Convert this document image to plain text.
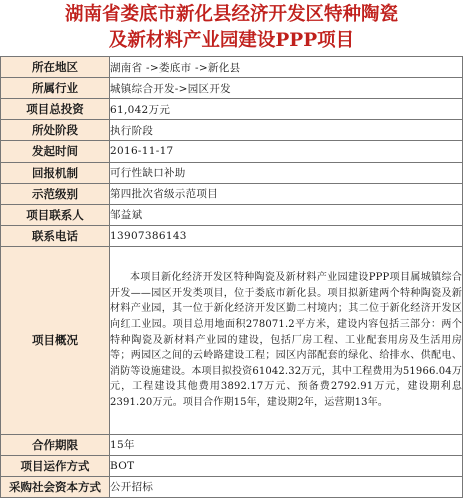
湖南省娄底市新化县经济开发区特种陶瓷
及新材料产业园建设PPP项目
所在地区	湖南省 ->娄底市 ->新化县
所属行业	城镇综合开发->园区开发
项目总投资	61,042万元
所处阶段	执行阶段
发起时间	2016-11-17
回报机制	可行性缺口补助
示范级别	第四批次省级示范项目
项目联系人	邹益斌
联系电话	13907386143
项目概况	本项目新化经济开发区特种陶瓷及新材料产业园建设PPP项目属城镇综合开发——园区开发类项目，位于娄底市新化县。项目拟新建两个特种陶瓷及新材料产业园，其一位于新化经济开发区勤二村境内；其二位于新化经济开发区向红工业园。项目总用地面积278071.2平方米，建设内容包括三部分：两个特种陶瓷及新材料产业园的建设，包括厂房工程、工业配套用房及生活用房等；两园区之间的云岭路建设工程；园区内部配套的绿化、给排水、供配电、消防等设施建设。本项目拟投资61042.32万元，其中工程费用为51966.04万元，工程建设其他费用3892.17万元、预备费2792.91万元，建设期利息2391.20万元。项目合作期15年，建设期2年，运营期13年。
合作期限	15年
项目运作方式	BOT
采购社会资本方式	公开招标
